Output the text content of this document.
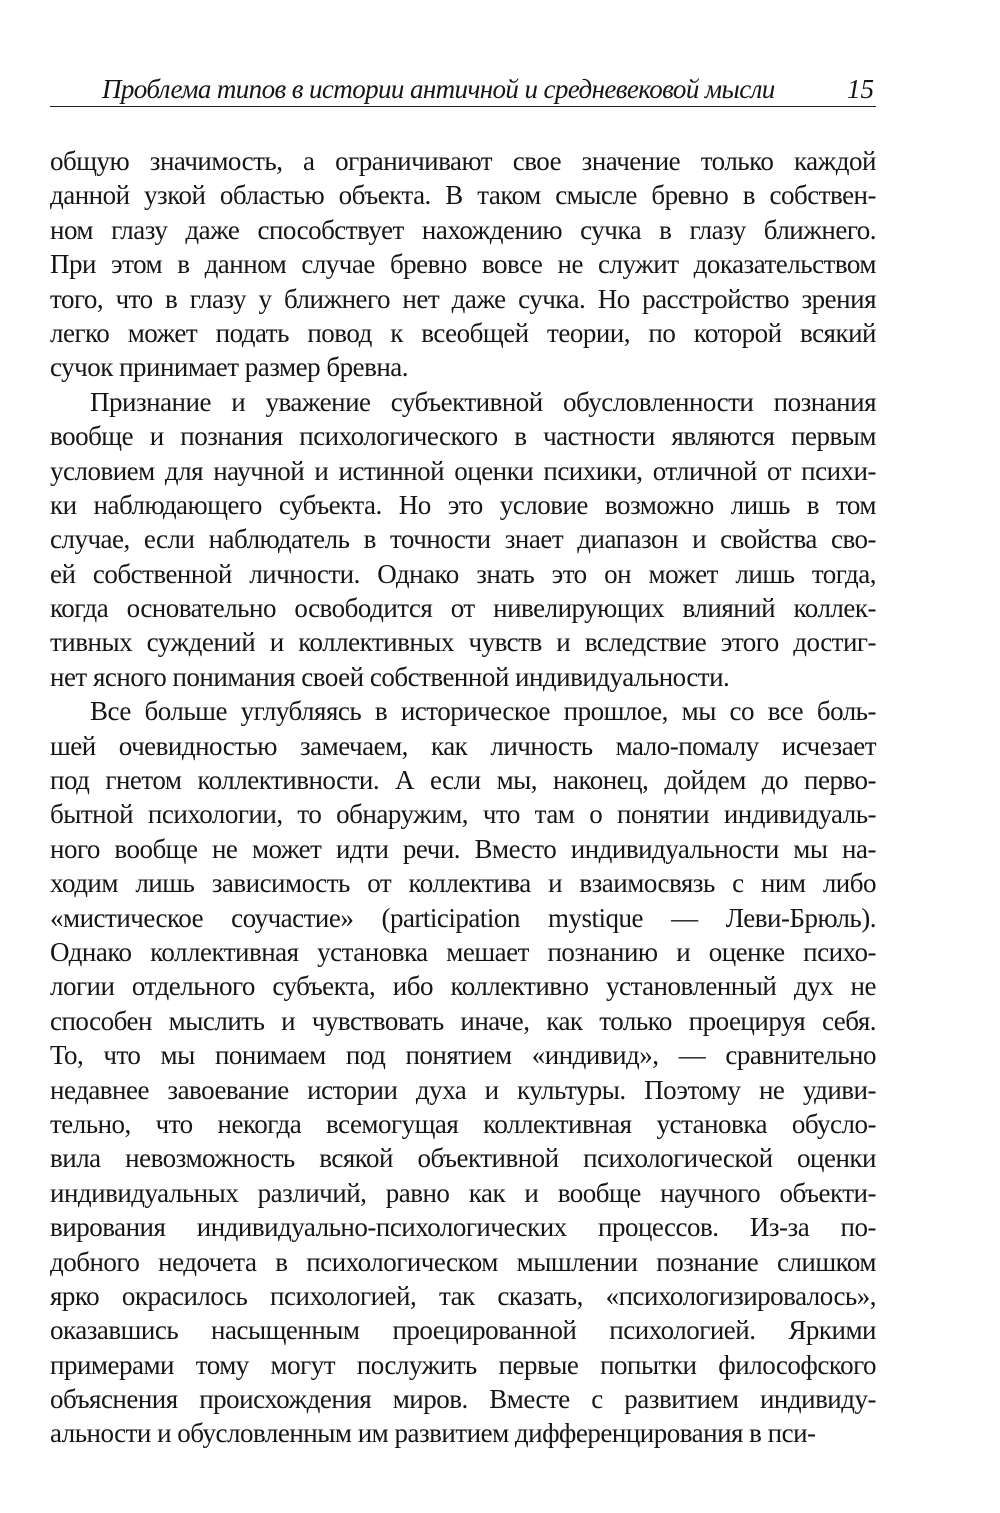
Проблема типов в истории античной и средневековой мысли	15
общую значимость, а ограничивают свое значение только каждой
данной узкой областью объекта. В таком смысле бревно в собствен-
ном глазу даже способствует нахождению сучка в глазу ближнего.
При этом в данном случае бревно вовсе не служит доказательством
того, что в глазу у ближнего нет даже сучка. Но расстройство зрения
легко может подать повод к всеобщей теории, по которой всякий
сучок принимает размер бревна.
Признание и уважение субъективной обусловленности познания
вообще и познания психологического в частности являются первым
условием для научной и истинной оценки психики, отличной от психи-
ки наблюдающего субъекта. Но это условие возможно лишь в том
случае, если наблюдатель в точности знает диапазон и свойства сво-
ей собственной личности. Однако знать это он может лишь тогда,
когда основательно освободится от нивелирующих влияний коллек-
тивных суждений и коллективных чувств и вследствие этого достиг-
нет ясного понимания своей собственной индивидуальности.
Все больше углубляясь в историческое прошлое, мы со все боль-
шей очевидностью замечаем, как личность мало-помалу исчезает
под гнетом коллективности. А если мы, наконец, дойдем до перво-
бытной психологии, то обнаружим, что там о понятии индивидуаль-
ного вообще не может идти речи. Вместо индивидуальности мы на-
ходим лишь зависимость от коллектива и взаимосвязь с ним либо
«мистическое соучастие» (participation mystique — Леви-Брюль).
Однако коллективная установка мешает познанию и оценке психо-
логии отдельного субъекта, ибо коллективно установленный дух не
способен мыслить и чувствовать иначе, как только проецируя себя.
То, что мы понимаем под понятием «индивид», — сравнительно
недавнее завоевание истории духа и культуры. Поэтому не удиви-
тельно, что некогда всемогущая коллективная установка обусло-
вила невозможность всякой объективной психологической оценки
индивидуальных различий, равно как и вообще научного объекти-
вирования индивидуально-психологических процессов. Из-за по-
добного недочета в психологическом мышлении познание слишком
ярко окрасилось психологией, так сказать, «психологизировалось»,
оказавшись насыщенным проецированной психологией. Яркими
примерами тому могут послужить первые попытки философского
объяснения происхождения миров. Вместе с развитием индивиду-
альности и обусловленным им развитием дифференцирования в пси-
